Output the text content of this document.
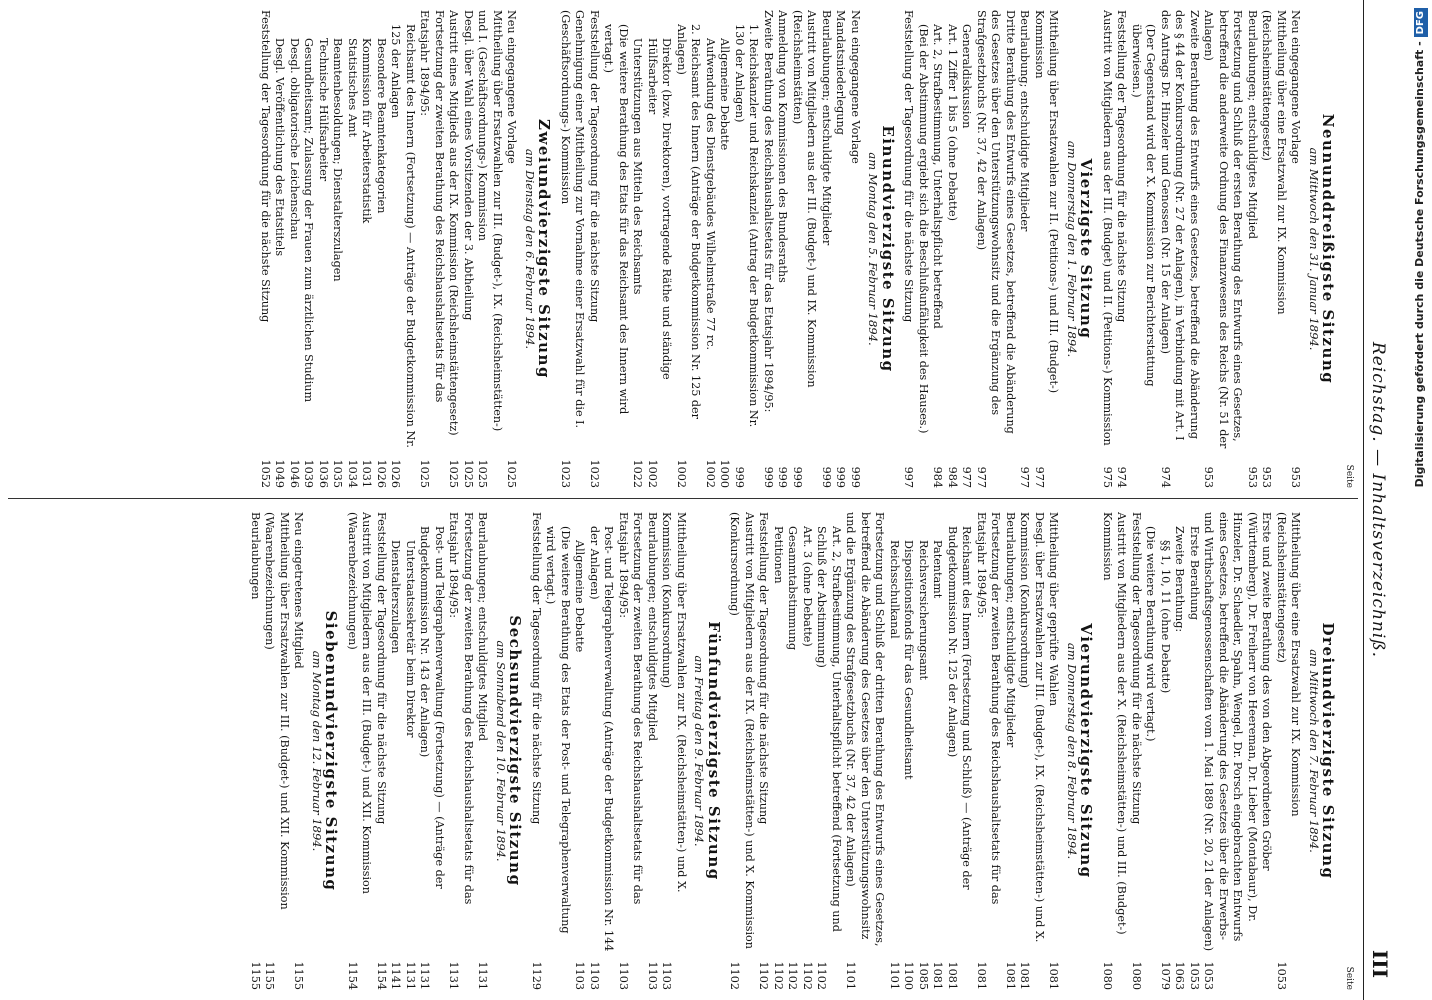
Reichstag. — Inhaltsverzeichniß.
III
Seite
Neununddreißigste Sitzung
am Mittwoch den 31. Januar 1894.
Neu eingegangene Vorlage
953
Mittheilung über eine Ersatzwahl zur IX. Kommission (Reichsheimstättengesetz)
953
Beurlaubungen; entschuldigtes Mitglied
953
Fortsetzung und Schluß der ersten Berathung des Entwurfs eines Gesetzes, betreffend die anderweite Ordnung des Finanzwesens des Reichs (Nr. 51 der Anlagen)
953
Zweite Berathung des Entwurfs eines Gesetzes, betreffend die Abänderung des § 44 der Konkursordnung (Nr. 27 der Anlagen), in Verbindung mit Art. I des Antrags Dr. Hinzeler und Genossen (Nr. 15 der Anlagen)
974
(Der Gegenstand wird der X. Kommission zur Berichterstattung überwiesen.)
Feststellung der Tagesordnung für die nächste Sitzung
974
Austritt von Mitgliedern aus der III. (Budget) und II. (Petitions-) Kommission
975
Vierzigste Sitzung
am Donnerstag den 1. Februar 1894.
Mittheilung über Ersatzwahlen zur II. (Petitions-) und III. (Budget-) Kommission
977
Beurlaubung; entschuldigte Mitglieder
977
Dritte Berathung des Entwurfs eines Gesetzes, betreffend die Abänderung des Gesetzes über den Unterstützungswohnsitz und die Ergänzung des Strafgesetzbuchs (Nr. 37, 42 der Anlagen)
977
Generaldiskussion
977
Art. 1 Ziffer 1 bis 5 (ohne Debatte)
984
Art. 2, Strafbestimmung, Unterhaltspflicht betreffend
984
(Bei der Abstimmung ergiebt sich die Beschlußunfähigkeit des Hauses.)
Feststellung der Tagesordnung für die nächste Sitzung
997
Einundvierzigste Sitzung
am Montag den 5. Februar 1894.
Neu eingegangene Vorlage
999
Mandatsniederlegung
999
Beurlaubungen; entschuldigte Mitglieder
999
Austritt von Mitgliedern aus der III. (Budget-) und IX. Kommission (Reichsheimstätten)
999
Anmeldung von Kommissionen des Bundesraths
999
Zweite Berathung des Reichshaushaltsetats für das Etatsjahr 1894/95:
999
1. Reichskanzler und Reichskanzlei (Antrag der Budgetkommission Nr. 130 der Anlagen)
999
Allgemeine Debatte
1000
Aufwendung des Dienstgebäudes Wilhelmstraße 77 rc.
1002
2. Reichsamt des Innern (Anträge der Budgetkommission Nr. 125 der Anlagen)
1002
Direktor (bzw. Direktoren), vortragende Räthe und ständige Hülfsarbeiter
1002
Unterstützungen aus Mitteln des Reichsamts
1022
(Die weitere Berathung des Etats für das Reichsamt des Innern wird vertagt.)
Feststellung der Tagesordnung für die nächste Sitzung
1023
Genehmigung einer Mittheilung zur Vornahme einer Ersatzwahl für die I. (Geschäftsordnungs-) Kommission
1023
Zweiundvierzigste Sitzung
am Dienstag den 6. Februar 1894.
Neu eingegangene Vorlage
1025
Mittheilung über Ersatzwahlen zur III. (Budget-), IX. (Reichsheimstätten-) und I. (Geschäftsordnungs-) Kommission
1025
Desgl. über Wahl eines Vorsitzenden der 3. Abtheilung
1025
Austritt eines Mitglieds aus der IX. Kommission (Reichsheimstättengesetz)
1025
Fortsetzung der zweiten Berathung des Reichshaushaltsetats für das Etatsjahr 1894/95:
1025
Reichsamt des Innern (Fortsetzung) — Anträge der Budgetkommission Nr. 125 der Anlagen
1026
Besondere Beamtenkategorien
1026
Kommission für Arbeiterstatistik
1031
Statistisches Amt
1034
Beamtenbesoldungen; Dienstalterszulagen
1035
Technische Hülfsarbeiter
1036
Gesundheitsamt; Zulassung der Frauen zum ärztlichen Studium
1039
Desgl. obligatorische Leichenschau
1046
Desgl. Veröffentlichung des Etatstitels
1049
Feststellung der Tagesordnung für die nächste Sitzung
1052
Seite
Dreiundvierzigste Sitzung
am Mittwoch den 7. Februar 1894.
Mittheilung über eine Ersatzwahl zur IX. Kommission (Reichsheimstättengesetz)
1053
Erste und zweite Berathung des von den Abgeordneten Gröber (Württemberg), Dr. Freiherr von Heereman, Dr. Lieber (Montabaur), Dr. Hinzeler, Dr. Schaedler, Spahn, Wengel, Dr. Porsch eingebrachten Entwurfs eines Gesetzes, betreffend die Abänderung des Gesetzes über die Erwerbs- und Wirthschaftsgenossenschaften vom 1. Mai 1889 (Nr. 20, 21 der Anlagen)
1053
Erste Berathung
1053
Zweite Berathung:
1063
§§ 1, 10, 11 (ohne Debatte)
1079
(Die weitere Berathung wird vertagt.)
Feststellung der Tagesordnung für die nächste Sitzung
1080
Austritt von Mitgliedern aus der X. (Reichsheimstätten-) und III. (Budget-) Kommission
1080
Vierundvierzigste Sitzung
am Donnerstag den 8. Februar 1894.
Mittheilung über geprüfte Wahlen
1081
Desgl. über Ersatzwahlen zur III. (Budget-), IX. (Reichsheimstätten-) und X. Kommission (Konkursordnung)
1081
Beurlaubungen; entschuldigte Mitglieder
1081
Fortsetzung der zweiten Berathung des Reichshaushaltsetats für das Etatsjahr 1894/95:
1081
Reichsamt des Innern (Fortsetzung und Schluß) — (Anträge der Budgetkommission Nr. 125 der Anlagen)
1081
Patentamt
1081
Reichsversicherungsamt
1085
Dispositionsfonds für das Gesundheitsamt
1100
Reichsschulkanal
1101
Fortsetzung und Schluß der dritten Berathung des Entwurfs eines Gesetzes, betreffend die Abänderung des Gesetzes über den Unterstützungswohnsitz und die Ergänzung des Strafgesetzbuchs (Nr. 37, 42 der Anlagen)
1101
Art. 2, Strafbestimmung, Unterhaltspflicht betreffend (Fortsetzung und Schluß der Abstimmung)
1102
Art. 3 (ohne Debatte)
1102
Gesammtabstimmung
1102
Petitionen
1102
Feststellung der Tagesordnung für die nächste Sitzung
1102
Austritt von Mitgliedern aus der IX. (Reichsheimstätten-) und X. Kommission (Konkursordnung)
1102
Fünfundvierzigste Sitzung
am Freitag den 9. Februar 1894.
Mittheilung über Ersatzwahlen zur IX. (Reichsheimstätten-) und X. Kommission (Konkursordnung)
1103
Beurlaubungen; entschuldigtes Mitglied
1103
Fortsetzung der zweiten Berathung des Reichshaushaltsetats für das Etatsjahr 1894/95:
1103
Post- und Telegraphenverwaltung (Anträge der Budgetkommission Nr. 144 der Anlagen)
1103
Allgemeine Debatte
1103
(Die weitere Berathung des Etats der Post- und Telegraphenverwaltung wird vertagt.)
Feststellung der Tagesordnung für die nächste Sitzung
1129
Sechsundvierzigste Sitzung
am Sonnabend den 10. Februar 1894.
Beurlaubungen; entschuldigtes Mitglied
1131
Fortsetzung der zweiten Berathung des Reichshaushaltsetats für das Etatsjahr 1894/95:
1131
Post- und Telegraphenverwaltung (Fortsetzung) — (Anträge der Budgetkommission Nr. 143 der Anlagen)
1131
Unterstaatssekretär beim Direktor
1131
Dienstalterszulagen
1141
Feststellung der Tagesordnung für die nächste Sitzung
1154
Austritt von Mitgliedern aus der III. (Budget-) und XII. Kommission (Waarenbezeichnungen)
1154
Siebenundvierzigste Sitzung
am Montag den 12. Februar 1894.
Neu eingetretenes Mitglied
1155
Mittheilung über Ersatzwahlen zur III. (Budget-) und XII. Kommission (Waarenbezeichnungen)
1155
Beurlaubungen
1155
Digitalisierung gefördert durch die Deutsche Forschungsgemeinschaft -DFG
